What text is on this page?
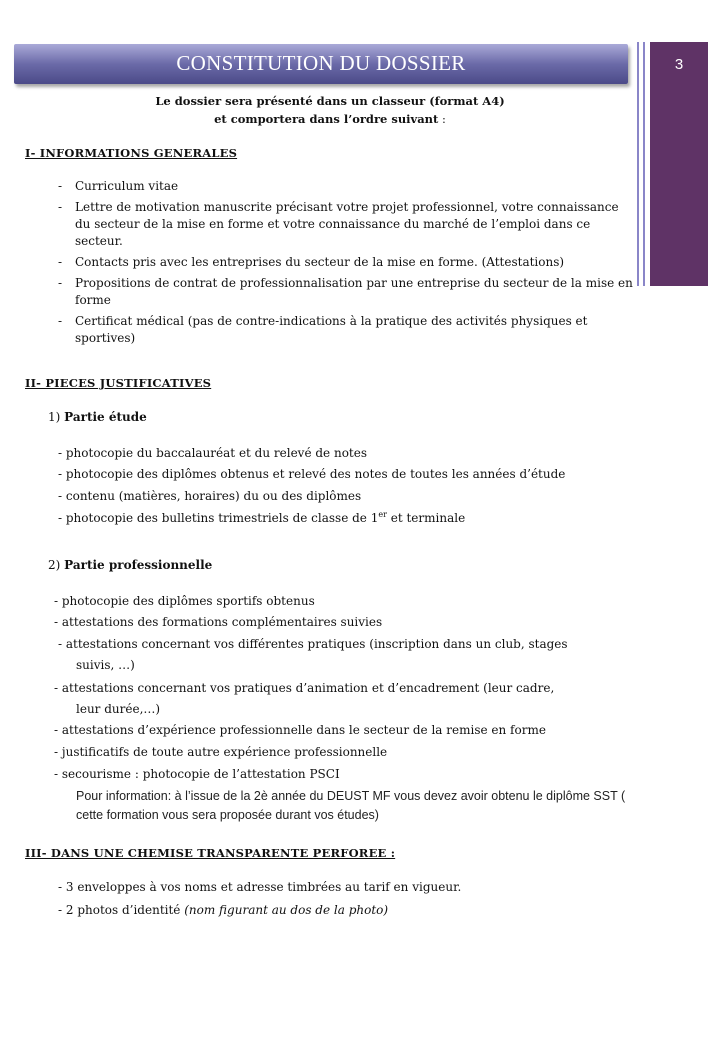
3
CONSTITUTION DU DOSSIER
Le dossier sera présenté dans un classeur (format A4)
et comportera dans l’ordre suivant :
I- INFORMATIONS GENERALES
- Curriculum vitae
- Lettre de motivation manuscrite précisant votre projet professionnel, votre connaissance du secteur de la mise en forme et votre connaissance du marché de l’emploi dans ce secteur.
- Contacts pris avec les entreprises du secteur de la mise en forme. (Attestations)
- Propositions de contrat de professionnalisation par une entreprise du secteur de la mise en forme
- Certificat médical (pas de contre-indications à la pratique des activités physiques et sportives)
II- PIECES JUSTIFICATIVES
1) Partie étude
- photocopie du baccalauréat et du relevé de notes
- photocopie des diplômes obtenus et relevé des notes de toutes les années d’étude
- contenu (matières, horaires) du ou des diplômes
- photocopie des bulletins trimestriels de classe de 1er et terminale
2) Partie professionnelle
- photocopie des diplômes sportifs obtenus
- attestations des formations complémentaires suivies
- attestations concernant vos différentes pratiques (inscription dans un club, stages
suivis, …)
- attestations concernant vos pratiques d’animation et d’encadrement (leur cadre,
leur durée,…)
- attestations d’expérience professionnelle dans le secteur de la remise en forme
- justificatifs de toute autre expérience professionnelle
- secourisme : photocopie de l’attestation PSCI
Pour information: à l’issue de la 2è année du DEUST MF vous devez avoir obtenu le diplôme SST ( cette formation vous sera proposée durant vos études)
III- DANS UNE CHEMISE TRANSPARENTE PERFOREE :
- 3 enveloppes à vos noms et adresse timbrées au tarif en vigueur.
- 2 photos d’identité (nom figurant au dos de la photo)
